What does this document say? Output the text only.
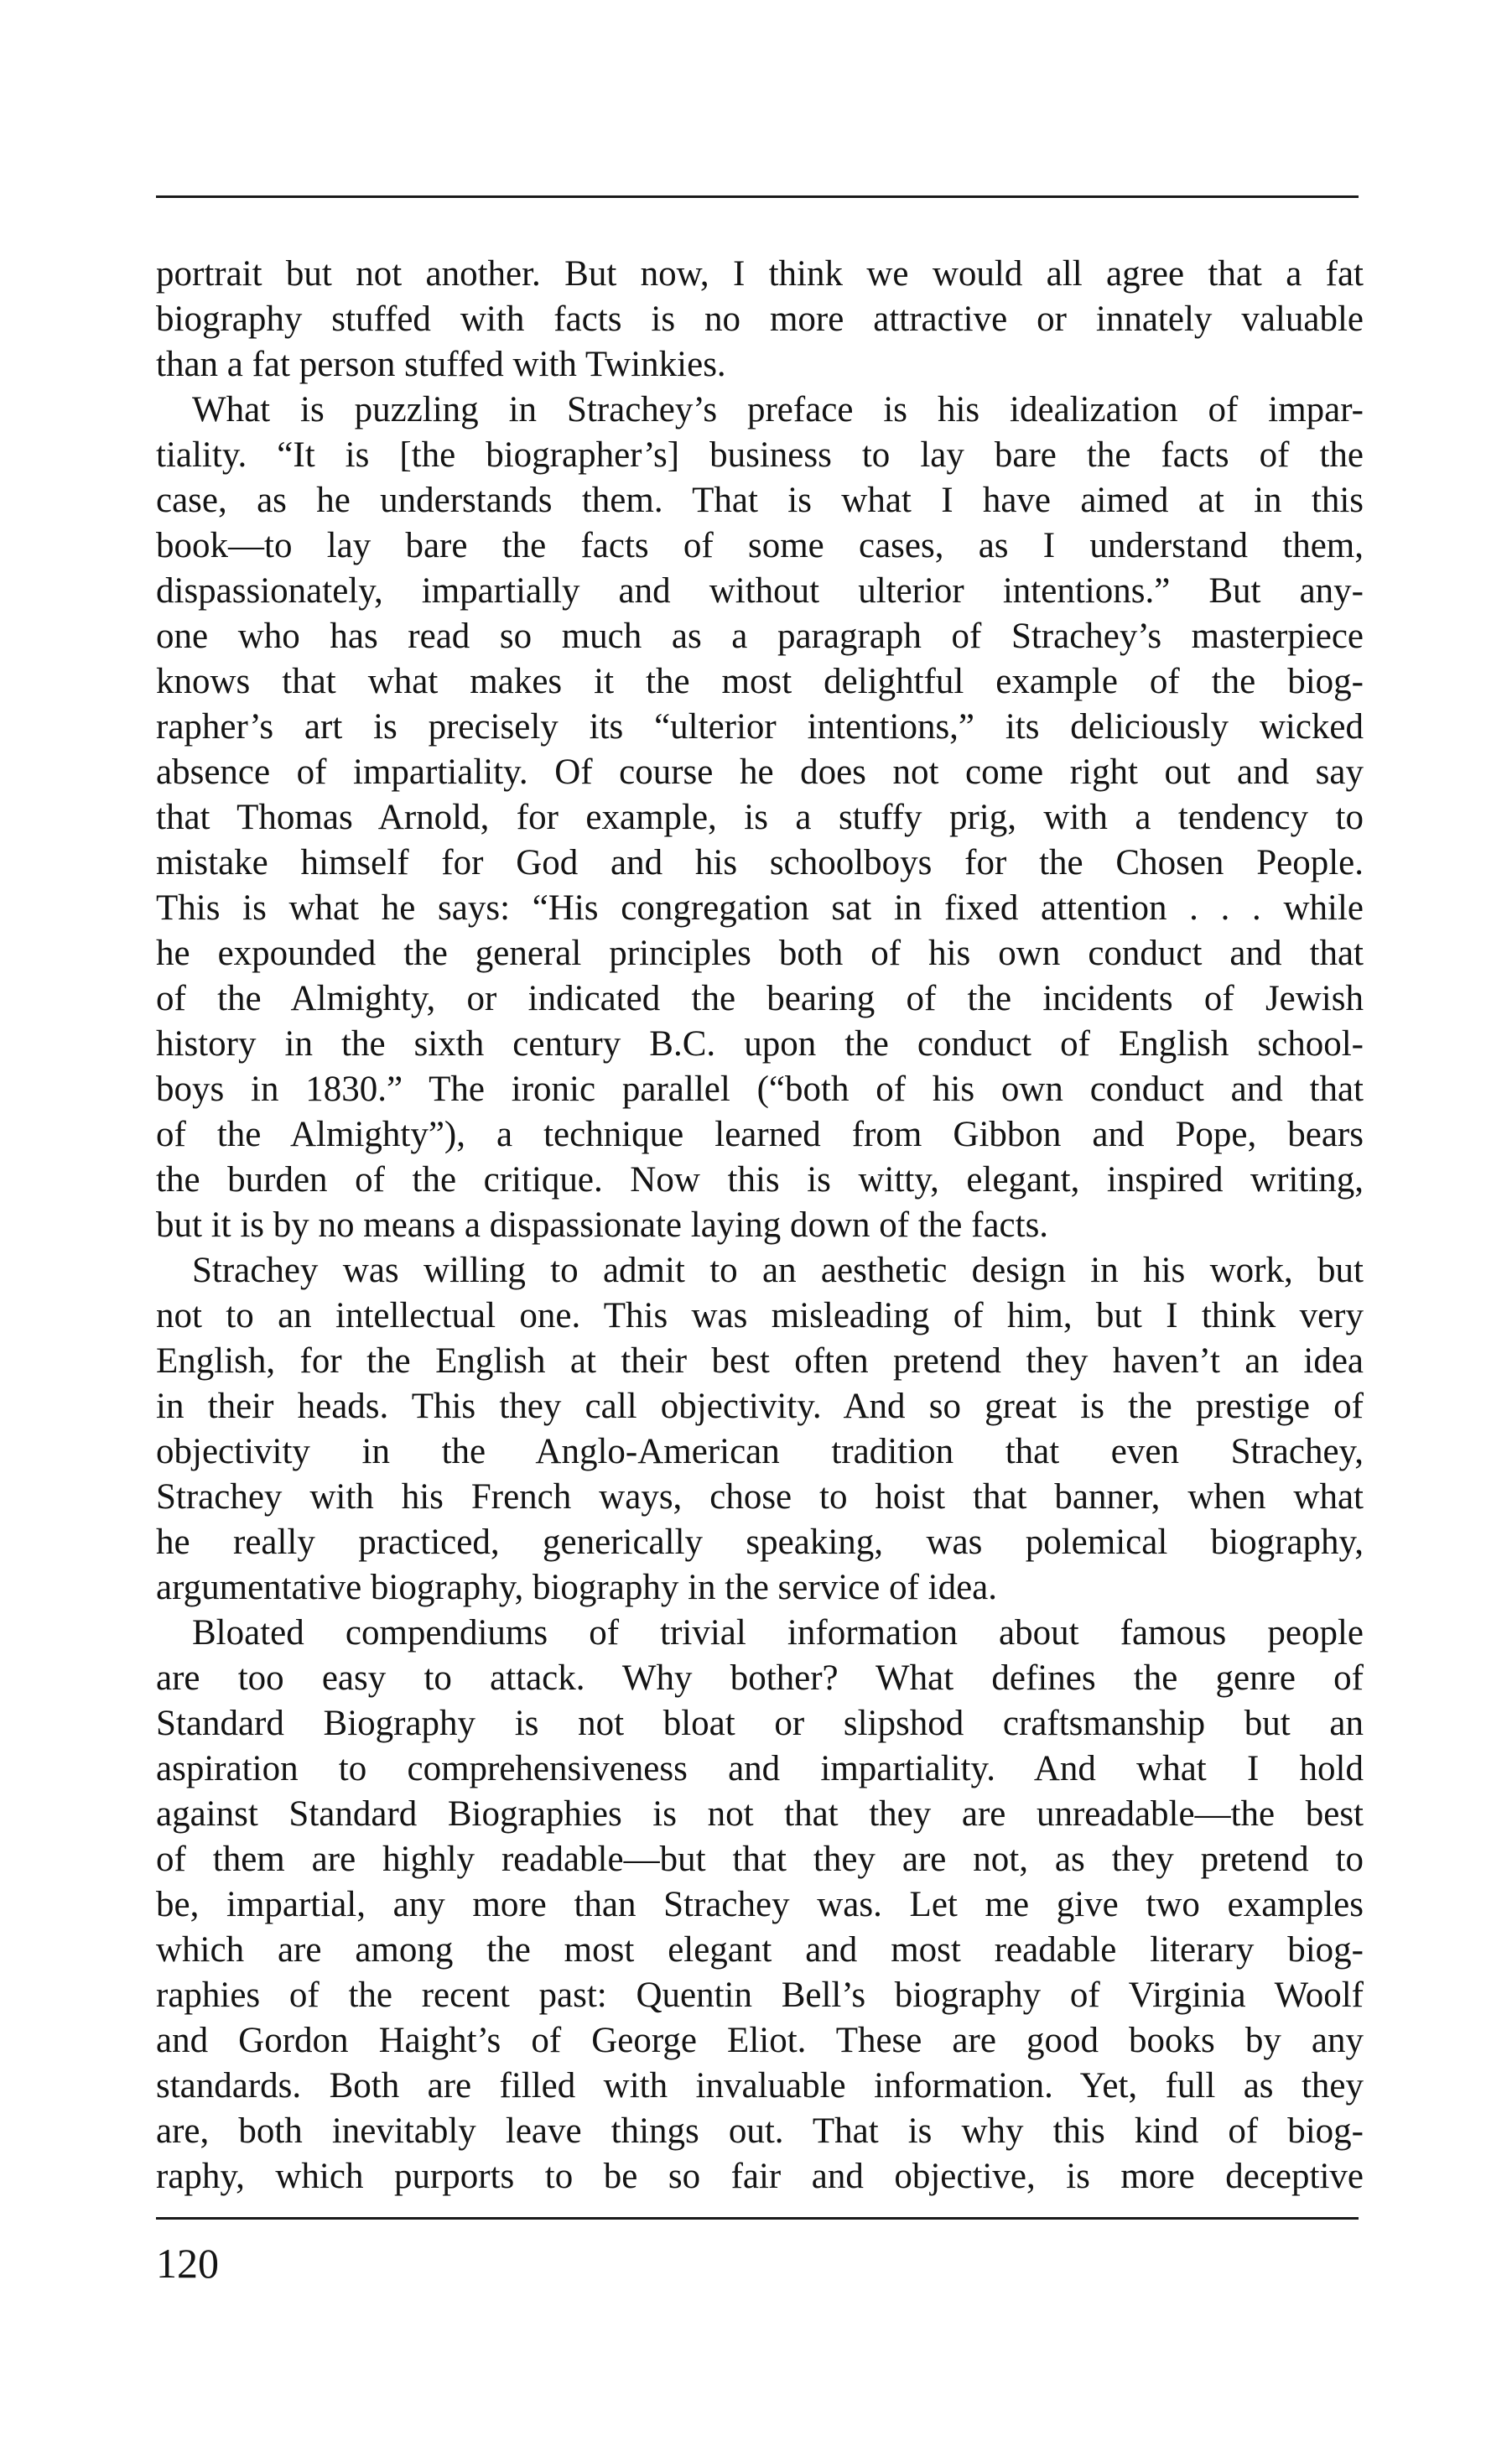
portrait but not another. But now, I think we would all agree that a fat
biography stuffed with facts is no more attractive or innately valuable
than a fat person stuffed with Twinkies.
What is puzzling in Strachey’s preface is his idealization of impar-
tiality. “It is [the biographer’s] business to lay bare the facts of the
case, as he understands them. That is what I have aimed at in this
book—to lay bare the facts of some cases, as I understand them,
dispassionately, impartially and without ulterior intentions.” But any-
one who has read so much as a paragraph of Strachey’s masterpiece
knows that what makes it the most delightful example of the biog-
rapher’s art is precisely its “ulterior intentions,” its deliciously wicked
absence of impartiality. Of course he does not come right out and say
that Thomas Arnold, for example, is a stuffy prig, with a tendency to
mistake himself for God and his schoolboys for the Chosen People.
This is what he says: “His congregation sat in fixed attention . . . while
he expounded the general principles both of his own conduct and that
of the Almighty, or indicated the bearing of the incidents of Jewish
history in the sixth century B.C. upon the conduct of English school-
boys in 1830.” The ironic parallel (“both of his own conduct and that
of the Almighty”), a technique learned from Gibbon and Pope, bears
the burden of the critique. Now this is witty, elegant, inspired writing,
but it is by no means a dispassionate laying down of the facts.
Strachey was willing to admit to an aesthetic design in his work, but
not to an intellectual one. This was misleading of him, but I think very
English, for the English at their best often pretend they haven’t an idea
in their heads. This they call objectivity. And so great is the prestige of
objectivity in the Anglo-American tradition that even Strachey,
Strachey with his French ways, chose to hoist that banner, when what
he really practiced, generically speaking, was polemical biography,
argumentative biography, biography in the service of idea.
Bloated compendiums of trivial information about famous people
are too easy to attack. Why bother? What defines the genre of
Standard Biography is not bloat or slipshod craftsmanship but an
aspiration to comprehensiveness and impartiality. And what I hold
against Standard Biographies is not that they are unreadable—the best
of them are highly readable—but that they are not, as they pretend to
be, impartial, any more than Strachey was. Let me give two examples
which are among the most elegant and most readable literary biog-
raphies of the recent past: Quentin Bell’s biography of Virginia Woolf
and Gordon Haight’s of George Eliot. These are good books by any
standards. Both are filled with invaluable information. Yet, full as they
are, both inevitably leave things out. That is why this kind of biog-
raphy, which purports to be so fair and objective, is more deceptive
120
